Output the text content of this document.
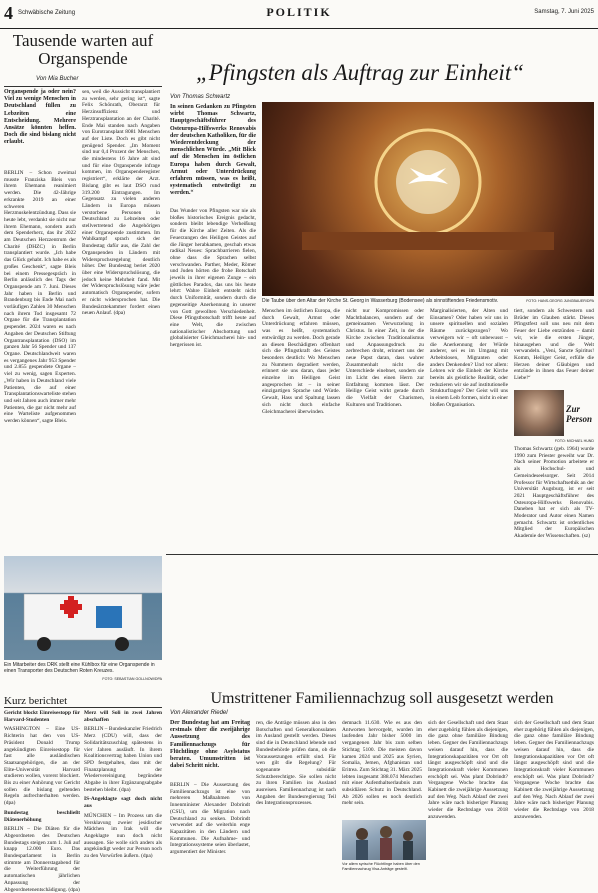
4 Schwäbische Zeitung	POLITIK	Samstag, 7. Juni 2025
Tausende warten auf Organspende
Von Mia Bucher
Organspende ja oder nein? Viel zu wenige Menschen in Deutschland füllen zu Lebzeiten eine Entscheidung. Mehrere Ansätze könnten helfen. Doch die sind bislang nicht erlaubt.
BERLIN – Schon zweimal musste Franziska Bleis von ihrem Ehemann reanimiert werden. Die 42-Jährige erkrankte 2019 an einer schweren Herzmuskelentzündung. Dass sie heute lebt, verdankt sie nicht nur ihrem Ehemann, sondern auch dem Spenderherz, das ihr 2022 am Deutschen Herzzentrum der Charité (DHZC) in Berlin transplantiert wurde. „Ich habe das Glück gehabt. Ich habe es als großes Geschenk“, sagte Bleis bei einem Pressegespräch in Berlin anlässlich des Tags der Organspende am 7. Juni. Dieses Jahr haben in Berlin und Brandenburg bis Ende Mai nach vorläufigen Zahlen 30 Menschen nach ihrem Tod insgesamt 72 Organe für die Transplantation gespendet. 2024 waren es nach Angaben der Deutschen Stiftung Organtransplantation (DSO) im ganzen Jahr 56 Spender und 137 Organe. Deutschlandweit waren es vergangenes Jahr 953 Spender und 2.855 gespendete Organe – viel zu wenig, sagen Experten. „Wir haben in Deutschland viele Patienten, die auf einer Transplantationswarteliste stehen und seit Jahren auch immer mehr Patienten, die gar nicht mehr auf eine Warteliste aufgenommen werden können“, sagte Bleis.
sen, weil die Aussicht transplantiert zu werden, sehr gering ist“, sagte Felix Schönrath, Oberarzt für Herzinsuffizienz und Herztransplantation an der Charité. Ende Mai standen nach Angaben von Eurotransplant 8081 Menschen auf der Liste. Doch es gibt nicht genügend Spender. „Im Moment sind nur 0,4 Prozent der Menschen, die mindestens 16 Jahre alt sind und für eine Organspende infrage kommen, im Organspenderegister registriert“, erklärte der Arzt. Bislang gibt es laut DSO rund 319.200 Eintragungen. Im Gegensatz zu vielen anderen Ländern in Europa müssen verstorbene Personen in Deutschland zu Lebzeiten oder stellvertretend die Angehörigen einer Organspende zustimmen. Im Wahlkampf sprach sich der Bundestag dafür aus, die Zahl der Organspenden in Ländern mit Widerspruchsregelung deutlich höher. Der Bundestag beriet 2020 über eine Widerspruchslösung, die jedoch keine Mehrheit fand. Mit der Widerspruchslösung wäre jeder automatisch Organspender, sofern er nicht widersprochen hat. Die Bundesärztekammer fordert einen neuen Anlauf. (dpa)
Ein Mitarbeiter des DRK stellt eine Kühlbox für eine Organspende in einen Transporter des Deutschen Roten Kreuzes.
FOTO: SEBASTIAN GOLLNOW/DPA
„Pfingsten als Auftrag zur Einheit“
Von Thomas Schwartz
In seinen Gedanken zu Pfingsten wirbt Thomas Schwartz, Hauptgeschäftsführer des Osteuropa-Hilfswerks Renovabis der deutschen Katholiken, für die Wiederentdeckung der menschlichen Würde. „Mit Blick auf die Menschen im östlichen Europa haben durch Gewalt, Armut oder Unterdrückung erfahren müssen, was es heißt, systematisch entwürdigt zu werden.“
Das Wunder von Pfingsten war nie als bloßes historisches Ereignis gedacht, sondern bleibt lebendige Verheißung für die Kirche aller Zeiten. Als die Feuerzungen des Heiligen Geistes auf die Jünger herabkamen, geschah etwas radikal Neues: Sprachbarrieren fielen, ohne dass die Sprachen selbst verschwanden. Parther, Meder, Römer und Juden hörten die frohe Botschaft jeweils in ihrer eigenen Zunge – ein göttliches Paradox, das uns bis heute lehrt: Wahre Einheit entsteht nicht durch Uniformität, sondern durch die gegenseitige Anerkennung in unserer von Gott gewollten Verschiedenheit. Diese Pfingstbotschaft trifft heute auf eine Welt, die zwischen nationalistischer Abschottung und globalisierter Gleichmacherei hin- und hergerissen ist.
Die Taube über den Altar der Kirche St. Georg in Wasserburg (Bodensee) als sinnstiftendes Friedensmotiv.	FOTO: HANS-GEORG JUNGBAUER/DPA
Menschen im östlichen Europa, die durch Gewalt, Armut oder Unterdrückung erfahren müssen, was es heißt, systematisch entwürdigt zu werden. Doch gerade an diesen Beschädigten offenbart sich die Pfingstkraft des Geistes besonders deutlich: Wo Menschen zu Nummern degradiert werden, erinnert sie uns daran, dass jeder einzelne im Heiligen Geist angesprochen ist – in seiner einzigartigen Sprache und Würde. Gewalt, Hass und Spaltung lassen sich nicht durch einfache Gleichmacherei überwinden.
nicht nur Kompromissen oder Machtbalancen, sondern auf der gemeinsamen Verwurzelung in Christus. In einer Zeit, in der die Kirche zwischen Traditionalismus und Anpassungsdruck zu zerbrechen droht, erinnert uns der neue Papst daran, dass wahrer Zusammenhalt nicht die Unterschiede einebnet, sondern sie im Licht des einen Herrn zur Entfaltung kommen lässt. Der Heilige Geist wirkt gerade durch die Vielfalt der Charismen, Kulturen und Traditionen.
Marginalisierten, der Alten und Einsamen? Oder haben wir uns in unsere spirituellen und sozialen Räume zurückgezogen? Wo verweigern wir – oft unbewusst – die Anerkennung der Würde anderer, sei es im Umgang mit Arbeitslosen, Migranten oder anders Denkenden? Und vor allem: Lehren wir die Einheit der Kirche bereits als geistliche Realität, oder reduzieren wir sie auf institutionelle Strukturfragen? Der Geist will uns in einem Leib formen, nicht in einer bloßen Organisation.
tiert, sondern als Schwestern und Brüder im Glauben stärkt. Dieses Pfingstfest soll uns neu mit dem Feuer der Liebe entzünden – damit wir, wie die ersten Jünger, hinausgehen und die Welt verwandeln. „Veni, Sancte Spiritus! Komm, Heiliger Geist, erfülle die Herzen deiner Gläubigen und entzünde in ihnen das Feuer deiner Liebe!“
Zur Person
FOTO: MICHAEL HUND
Thomas Schwartz (geb. 1964) wurde 1990 zum Priester geweiht war Dr. Nach seiner Promotion arbeitete er als Hochschul- und Gemeindeseelsorger. Seit 2014 Professor für Wirtschaftsethik an der Universität Augsburg, ist er seit 2021 Hauptgeschäftsführer des Osteuropa-Hilfswerks Renovabis. Daneben hat er sich als TV-Moderator und Autor einen Namen gemacht. Schwartz ist ordentliches Mitglied der Europäischen Akademie der Wissenschaften. (sz)
Kurz berichtet

Gericht blockt Einreisestopp für Harvard-Studenten

WASHINGTON – Eine US-Richterin hat den von US-Präsident Donald Trump angekündigten Einreisestopp für fast alle ausländischen Staatsangehörigen, die an der Elite-Universität Harvard studieren wollen, vorerst blockiert. Bis zu einer Anhörung vor Gericht sollen die bislang geltenden Regeln aufrechterhalten werden. (dpa)

Bundestag beschließt Diätenerhöhung

BERLIN – Die Diäten für die Abgeordneten des Deutschen Bundestags steigen zum 1. Juli auf knapp 12.000 Euro. Das Bundesparlament in Berlin stimmte am Donnerstagabend für die Weiterführung der automatischen jährlichen Anpassung der Abgeordnetenentschädigung. (dpa)

Merz will Soli in zwei Jahren abschaffen

BERLIN – Bundeskanzler Friedrich Merz (CDU) will, dass der Solidaritätszuschlag spätestens in vier Jahren ausläuft. In ihrem Koalitionsvertrag haben Union und SPD festgehalten, dass mit der Finanzplanung der Wiedervereinigung begründete Abgabe in ihrer Ergänzungsabgabe bestehen bleibt. (dpa)

IS-Angeklagte sagt doch nicht aus

MÜNCHEN – Im Prozess um die Versklavung zweier jesidischer Mädchen im Irak will die Angeklagte nun doch nicht aussagen. Sie wolle sich anders als angekündigt weder zur Person noch zu den Vorwürfen äußern. (dpa)

Umstrittener Familiennachzug soll ausgesetzt werden
Von Alexander Riedel
Der Bundestag hat am Freitag erstmals über die zweijährige Aussetzung des Familiennachzugs für Flüchtlinge ohne Asylstatus beraten. Umumstritten ist dabei Schritt nicht.
BERLIN – Die Aussetzung des Familiennachzugs ist eine von mehreren Maßnahmen von Innenminister Alexander Dobrindt (CSU), um die Migration nach Deutschland zu senken. Dobrindt verwendet auf die weiterhin enge Kapazitäten in den Ländern und Kommunen. Die Aufnahme- und Integrationssysteme seien überlastet, argumentiert der Minister.
ren, die Anträge müssen also in den Botschaften und Generalkonsulaten im Ausland gestellt werden. Dieses sind die in Deutschland lebende und Bundesbehörde prüfen dann, ob die Voraussetzungen erfüllt sind. Für wen gilt die Regelung? Für sogenannte subsidiär Schutzberechtigte. Sie sollen nicht zu ihren Familien ins Ausland ausreisen. Familiennachzug ist nach Angaben der Bundesregierung Teil des Integrationsprozesses.
demnach 11.630. Wie es aus den Antworten hervorgeht, wurden im laufenden Jahr bisher 5000 im vergangenen Jahr bis zum selben Stichtag 5100. Die meisten davon kamen 2024 und 2025 aus Syrien, Somalia, Jemen, Afghanistan und Eritrea. Zum Stichtag 31. März 2025 lebten insgesamt 388.074 Menschen mit einer Aufenthaltserlaubnis zum subsidiären Schutz in Deutschland. Ab 2026 sollen es noch deutlich mehr sein.
sich der Gesellschaft und dem Staat eher zugehörig fühlen als diejenigen, die ganz ohne familiäre Bindung leben. Gegner des Familiennachzugs weisen darauf hin, dass die Integrationskapazitäten vor Ort oft längst ausgeschöpft sind und die Integrationskraft vieler Kommunen erschöpft sei. Was plant Dobrindt? Vergangene Woche brachte das Kabinett die zweijährige Aussetzung auf den Weg. Nach Ablauf der zwei Jahre wäre nach bisheriger Planung wieder die Rechtslage von 2018 anzuwenden.
sich der Gesellschaft und dem Staat eher zugehörig fühlen als diejenigen, die ganz ohne familiäre Bindung leben. Gegner des Familiennachzugs weisen darauf hin, dass die Integrationskapazitäten vor Ort oft längst ausgeschöpft sind und die Integrationskraft vieler Kommunen erschöpft sei. Was plant Dobrindt? Vergangene Woche brachte das Kabinett die zweijährige Aussetzung auf den Weg. Nach Ablauf der zwei Jahre wäre nach bisheriger Planung wieder die Rechtslage von 2018 anzuwenden.
Vor allem syrische Flüchtlinge haben über den Familiennachzug Visa-Anträge gestellt.
